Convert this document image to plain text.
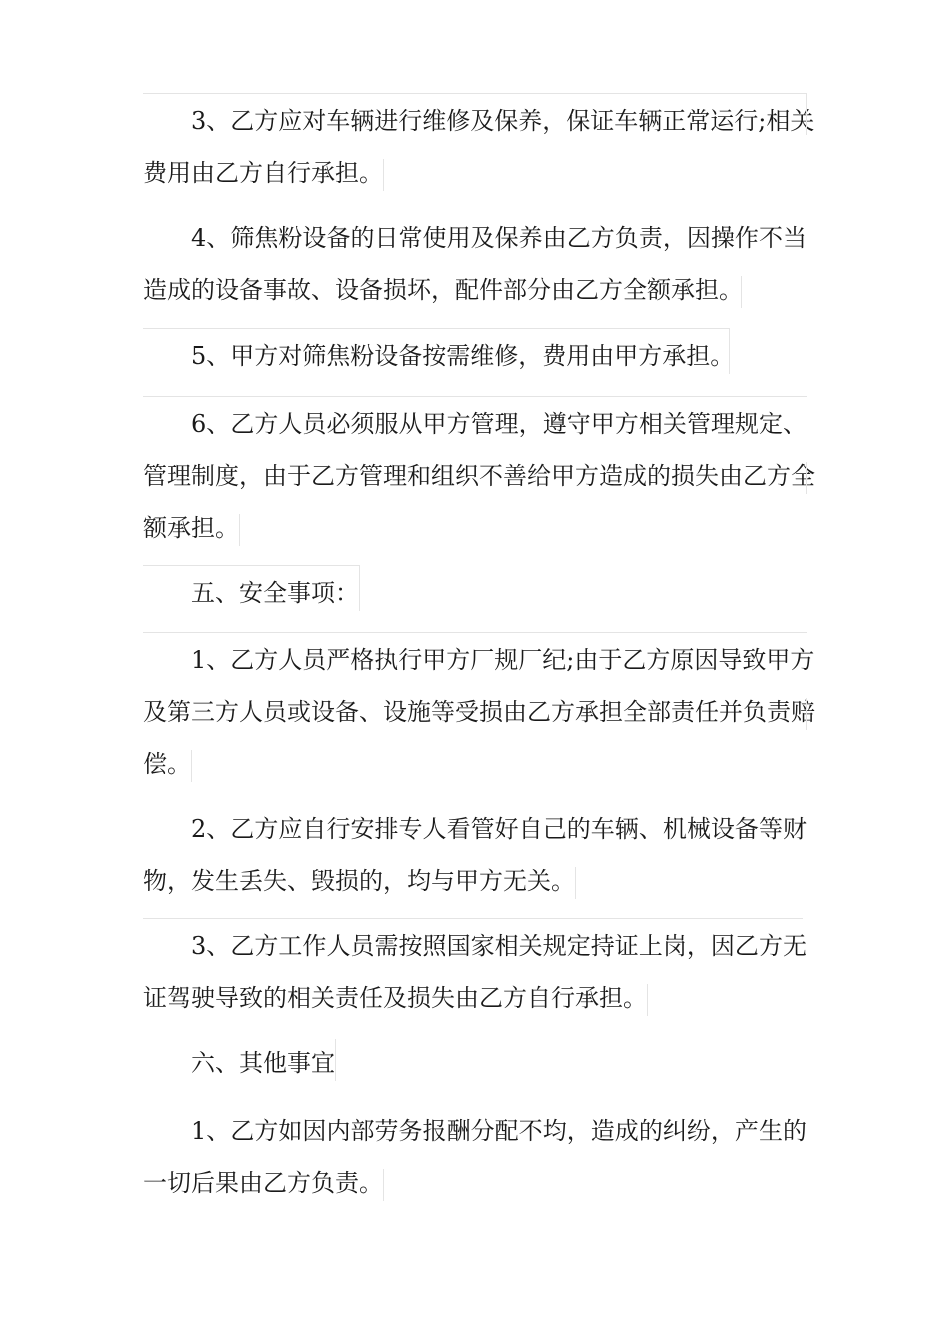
3、乙方应对车辆进行维修及保养，保证车辆正常运行;相关
费用由乙方自行承担。
4、筛焦粉设备的日常使用及保养由乙方负责，因操作不当
造成的设备事故、设备损坏，配件部分由乙方全额承担。
5、甲方对筛焦粉设备按需维修，费用由甲方承担。
6、乙方人员必须服从甲方管理，遵守甲方相关管理规定、
管理制度，由于乙方管理和组织不善给甲方造成的损失由乙方全
额承担。
五、安全事项：
1、乙方人员严格执行甲方厂规厂纪;由于乙方原因导致甲方
及第三方人员或设备、设施等受损由乙方承担全部责任并负责赔
偿。
2、乙方应自行安排专人看管好自己的车辆、机械设备等财
物，发生丢失、毁损的，均与甲方无关。
3、乙方工作人员需按照国家相关规定持证上岗，因乙方无
证驾驶导致的相关责任及损失由乙方自行承担。
六、其他事宜
1、乙方如因内部劳务报酬分配不均，造成的纠纷，产生的
一切后果由乙方负责。
